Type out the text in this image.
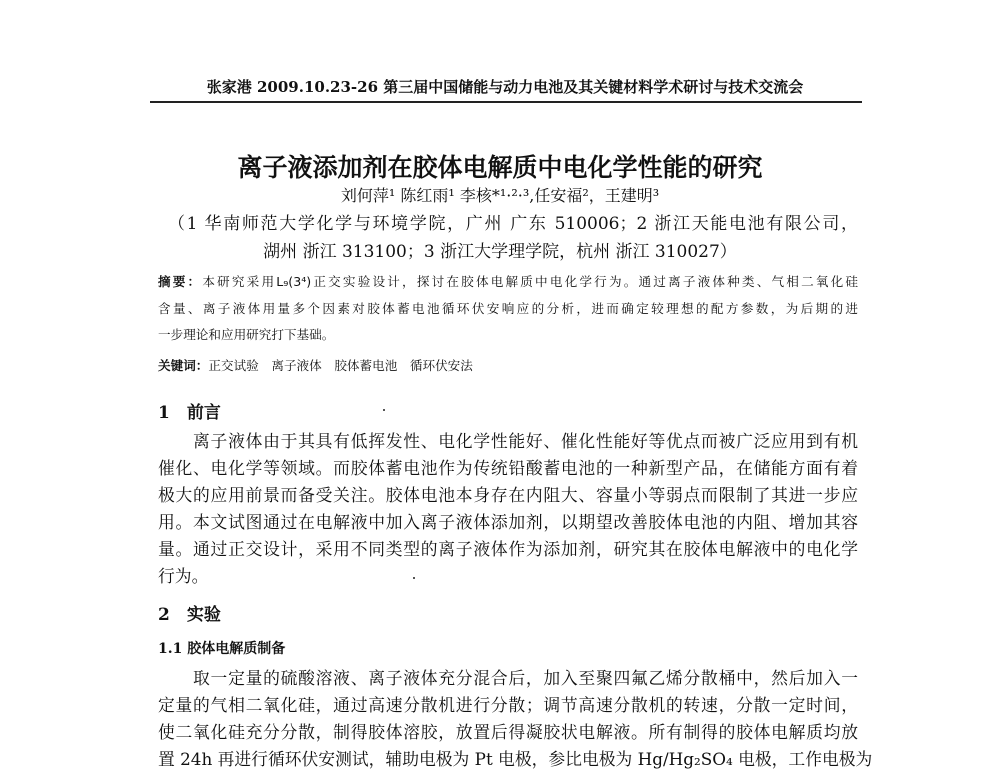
张家港 2009.10.23-26 第三届中国储能与动力电池及其关键材料学术研讨与技术交流会
离子液添加剂在胶体电解质中电化学性能的研究
刘何萍¹ 陈红雨¹ 李核*¹·²·³,任安福²，王建明³
（1 华南师范大学化学与环境学院，广州 广东 510006；2 浙江天能电池有限公司，
湖州 浙江 313100；3 浙江大学理学院，杭州 浙江 310027）
摘要：本研究采用L₉(3⁴)正交实验设计，探讨在胶体电解质中电化学行为。通过离子液体种类、气相二氧化硅
含量、离子液体用量多个因素对胶体蓄电池循环伏安响应的分析，进而确定较理想的配方参数，为后期的进
一步理论和应用研究打下基础。
关键词：正交试验　离子液体　胶体蓄电池　循环伏安法
1　前言
　　离子液体由于其具有低挥发性、电化学性能好、催化性能好等优点而被广泛应用到有机
催化、电化学等领域。而胶体蓄电池作为传统铅酸蓄电池的一种新型产品，在储能方面有着
极大的应用前景而备受关注。胶体电池本身存在内阻大、容量小等弱点而限制了其进一步应
用。本文试图通过在电解液中加入离子液体添加剂，以期望改善胶体电池的内阻、增加其容
量。通过正交设计，采用不同类型的离子液体作为添加剂，研究其在胶体电解液中的电化学
行为。
2　实验
1.1 胶体电解质制备
　　取一定量的硫酸溶液、离子液体充分混合后，加入至聚四氟乙烯分散桶中，然后加入一
定量的气相二氧化硅，通过高速分散机进行分散；调节高速分散机的转速，分散一定时间，
使二氧化硅充分分散，制得胶体溶胶，放置后得凝胶状电解液。所有制得的胶体电解质均放
置 24h 再进行循环伏安测试，辅助电极为 Pt 电极，参比电极为 Hg/Hg₂SO₄ 电极，工作电极为
